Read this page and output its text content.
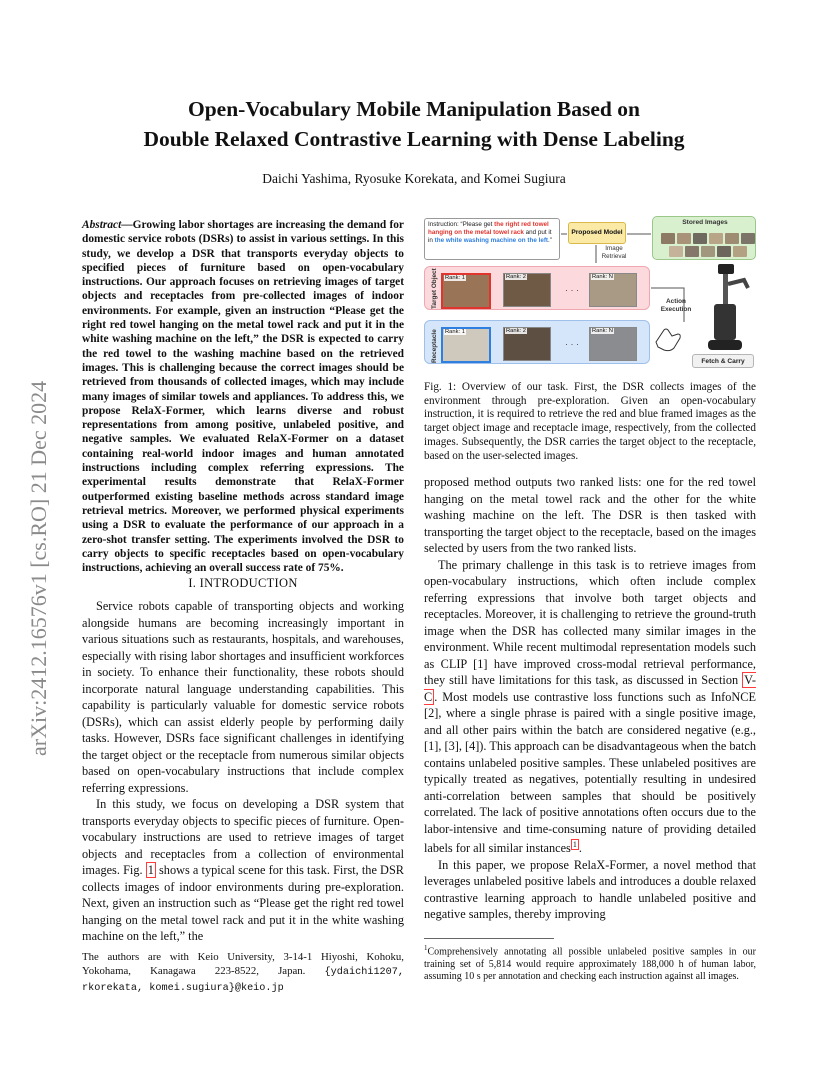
arXiv:2412.16576v1 [cs.RO] 21 Dec 2024
Open-Vocabulary Mobile Manipulation Based on
Double Relaxed Contrastive Learning with Dense Labeling
Daichi Yashima, Ryosuke Korekata, and Komei Sugiura
Abstract—Growing labor shortages are increasing the demand for domestic service robots (DSRs) to assist in various settings. In this study, we develop a DSR that transports everyday objects to specified pieces of furniture based on open-vocabulary instructions. Our approach focuses on retrieving images of target objects and receptacles from pre-collected images of indoor environments. For example, given an instruction “Please get the right red towel hanging on the metal towel rack and put it in the white washing machine on the left,” the DSR is expected to carry the red towel to the washing machine based on the retrieved images. This is challenging because the correct images should be retrieved from thousands of collected images, which may include many images of similar towels and appliances. To address this, we propose RelaX-Former, which learns diverse and robust representations from among positive, unlabeled positive, and negative samples. We evaluated RelaX-Former on a dataset containing real-world indoor images and human annotated instructions including complex referring expressions. The experimental results demonstrate that RelaX-Former outperformed existing baseline methods across standard image retrieval metrics. Moreover, we performed physical experiments using a DSR to evaluate the performance of our approach in a zero-shot transfer setting. The experiments involved the DSR to carry objects to specific receptacles based on open-vocabulary instructions, achieving an overall success rate of 75%.
I. INTRODUCTION

Service robots capable of transporting objects and working alongside humans are becoming increasingly important in various situations such as restaurants, hospitals, and warehouses, especially with rising labor shortages and insufficient workforces in society. To enhance their functionality, these robots should incorporate natural language understanding capabilities. This capability is particularly valuable for domestic service robots (DSRs), which can assist elderly people by performing daily tasks. However, DSRs face significant challenges in identifying the target object or the receptacle from numerous similar objects based on open-vocabulary instructions that include complex referring expressions.

In this study, we focus on developing a DSR system that transports everyday objects to specific pieces of furniture. Open-vocabulary instructions are used to retrieve images of target objects and receptacles from a collection of environmental images. Fig. 1 shows a typical scene for this task. First, the DSR collects images of indoor environments during pre-exploration. Next, given an instruction such as “Please get the right red towel hanging on the metal towel rack and put it in the white washing machine on the left,” the

The authors are with Keio University, 3-14-1 Hiyoshi, Kohoku, Yokohama, Kanagawa 223-8522, Japan. {ydaichi1207, rkorekata, komei.sugiura}@keio.jp
Instruction: “Please get the right red towel hanging on the metal towel rack and put it in the white washing machine on the left.”
Proposed Model
Image Retrieval
Stored Images
Target Object Rank: 1	Rank: 2
· · ·
Rank: N
Receptacle Rank: 1	Rank: 2
· · ·
Rank: N
Action Execution
Fetch & Carry
Fig. 1: Overview of our task. First, the DSR collects images of the environment through pre-exploration. Given an open-vocabulary instruction, it is required to retrieve the red and blue framed images as the target object image and receptacle image, respectively, from the collected images. Subsequently, the DSR carries the target object to the receptacle, based on the user-selected images.

proposed method outputs two ranked lists: one for the red towel hanging on the metal towel rack and the other for the white washing machine on the left. The DSR is then tasked with transporting the target object to the receptacle, based on the images selected by users from the two ranked lists.

The primary challenge in this task is to retrieve images from open-vocabulary instructions, which often include complex referring expressions that involve both target objects and receptacles. Moreover, it is challenging to retrieve the ground-truth image when the DSR has collected many similar images in the environment. While recent multimodal representation models such as CLIP [1] have improved cross-modal retrieval performance, they still have limitations for this task, as discussed in Section V-C . Most models use contrastive loss functions such as InfoNCE [2], where a single phrase is paired with a single positive image, and all other pairs within the batch are considered negative (e.g., [1], [3], [4]). This approach can be disadvantageous when the batch contains unlabeled positive samples. These unlabeled positives are typically treated as negatives, potentially resulting in undesired anti-correlation between samples that should be positively correlated. The lack of positive annotations often occurs due to the labor-intensive and time-consuming nature of providing detailed labels for all similar instances $^1$ .

In this paper, we propose RelaX-Former, a novel method that leverages unlabeled positive labels and introduces a double relaxed contrastive learning approach to handle unlabeled positive and negative samples, thereby improving

$^1$Comprehensively annotating all possible unlabeled positive samples in our training set of 5,814 would require approximately 188,000 h of human labor, assuming 10 s per annotation and checking each instruction against all images.
